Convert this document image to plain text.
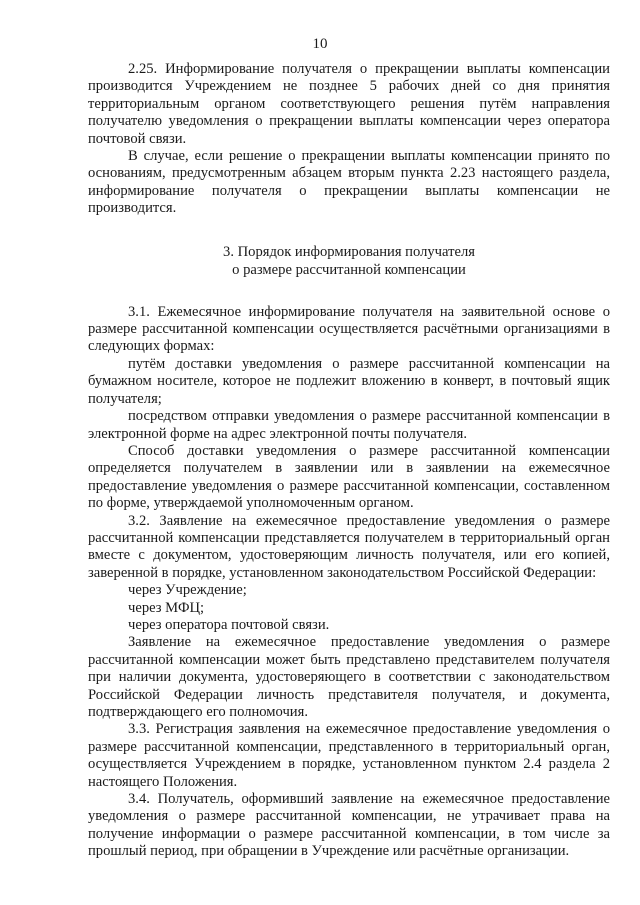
10

2.25. Информирование получателя о прекращении выплаты компенсации производится Учреждением не позднее 5 рабочих дней со дня принятия территориальным органом соответствующего решения путём направления получателю уведомления о прекращении выплаты компенсации через оператора почтовой связи.

В случае, если решение о прекращении выплаты компенсации принято по основаниям, предусмотренным абзацем вторым пункта 2.23 настоящего раздела, информирование получателя о прекращении выплаты компенсации не производится.

3. Порядок информирования получателя
о размере рассчитанной компенсации

3.1. Ежемесячное информирование получателя на заявительной основе о размере рассчитанной компенсации осуществляется расчётными организациями в следующих формах:

путём доставки уведомления о размере рассчитанной компенсации на бумажном носителе, которое не подлежит вложению в конверт, в почтовый ящик получателя;

посредством отправки уведомления о размере рассчитанной компенсации в электронной форме на адрес электронной почты получателя.

Способ доставки уведомления о размере рассчитанной компенсации определяется получателем в заявлении или в заявлении на ежемесячное предоставление уведомления о размере рассчитанной компенсации, составленном по форме, утверждаемой уполномоченным органом.

3.2. Заявление на ежемесячное предоставление уведомления о размере рассчитанной компенсации представляется получателем в территориальный орган вместе с документом, удостоверяющим личность получателя, или его копией, заверенной в порядке, установленном законодательством Российской Федерации:

через Учреждение;

через МФЦ;

через оператора почтовой связи.

Заявление на ежемесячное предоставление уведомления о размере рассчитанной компенсации может быть представлено представителем получателя при наличии документа, удостоверяющего в соответствии с законодательством Российской Федерации личность представителя получателя, и документа, подтверждающего его полномочия.

3.3. Регистрация заявления на ежемесячное предоставление уведомления о размере рассчитанной компенсации, представленного в территориальный орган, осуществляется Учреждением в порядке, установленном пунктом 2.4 раздела 2 настоящего Положения.

3.4. Получатель, оформивший заявление на ежемесячное предоставление уведомления о размере рассчитанной компенсации, не утрачивает права на получение информации о размере рассчитанной компенсации, в том числе за прошлый период, при обращении в Учреждение или расчётные организации.
